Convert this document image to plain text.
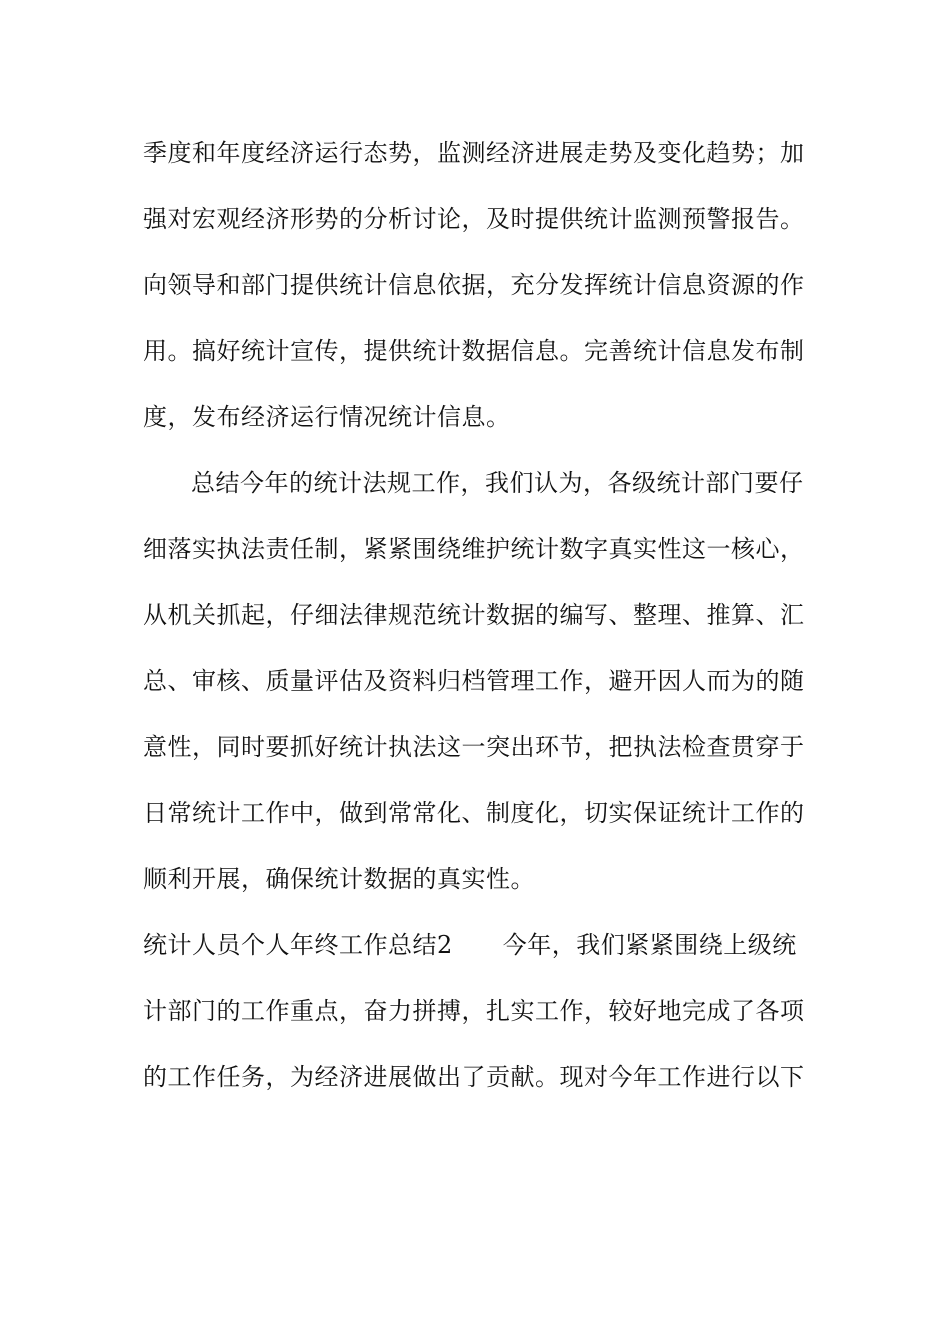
季度和年度经济运行态势，监测经济进展走势及变化趋势；加
强对宏观经济形势的分析讨论，及时提供统计监测预警报告。
向领导和部门提供统计信息依据，充分发挥统计信息资源的作
用。搞好统计宣传，提供统计数据信息。完善统计信息发布制
度，发布经济运行情况统计信息。
总结今年的统计法规工作，我们认为，各级统计部门要仔
细落实执法责任制，紧紧围绕维护统计数字真实性这一核心，
从机关抓起，仔细法律规范统计数据的编写、整理、推算、汇
总、审核、质量评估及资料归档管理工作，避开因人而为的随
意性，同时要抓好统计执法这一突出环节，把执法检查贯穿于
日常统计工作中，做到常常化、制度化，切实保证统计工作的
顺利开展，确保统计数据的真实性。
统计人员个人年终工作总结2 今年，我们紧紧围绕上级统
计部门的工作重点，奋力拼搏，扎实工作，较好地完成了各项
的工作任务，为经济进展做出了贡献。现对今年工作进行以下
